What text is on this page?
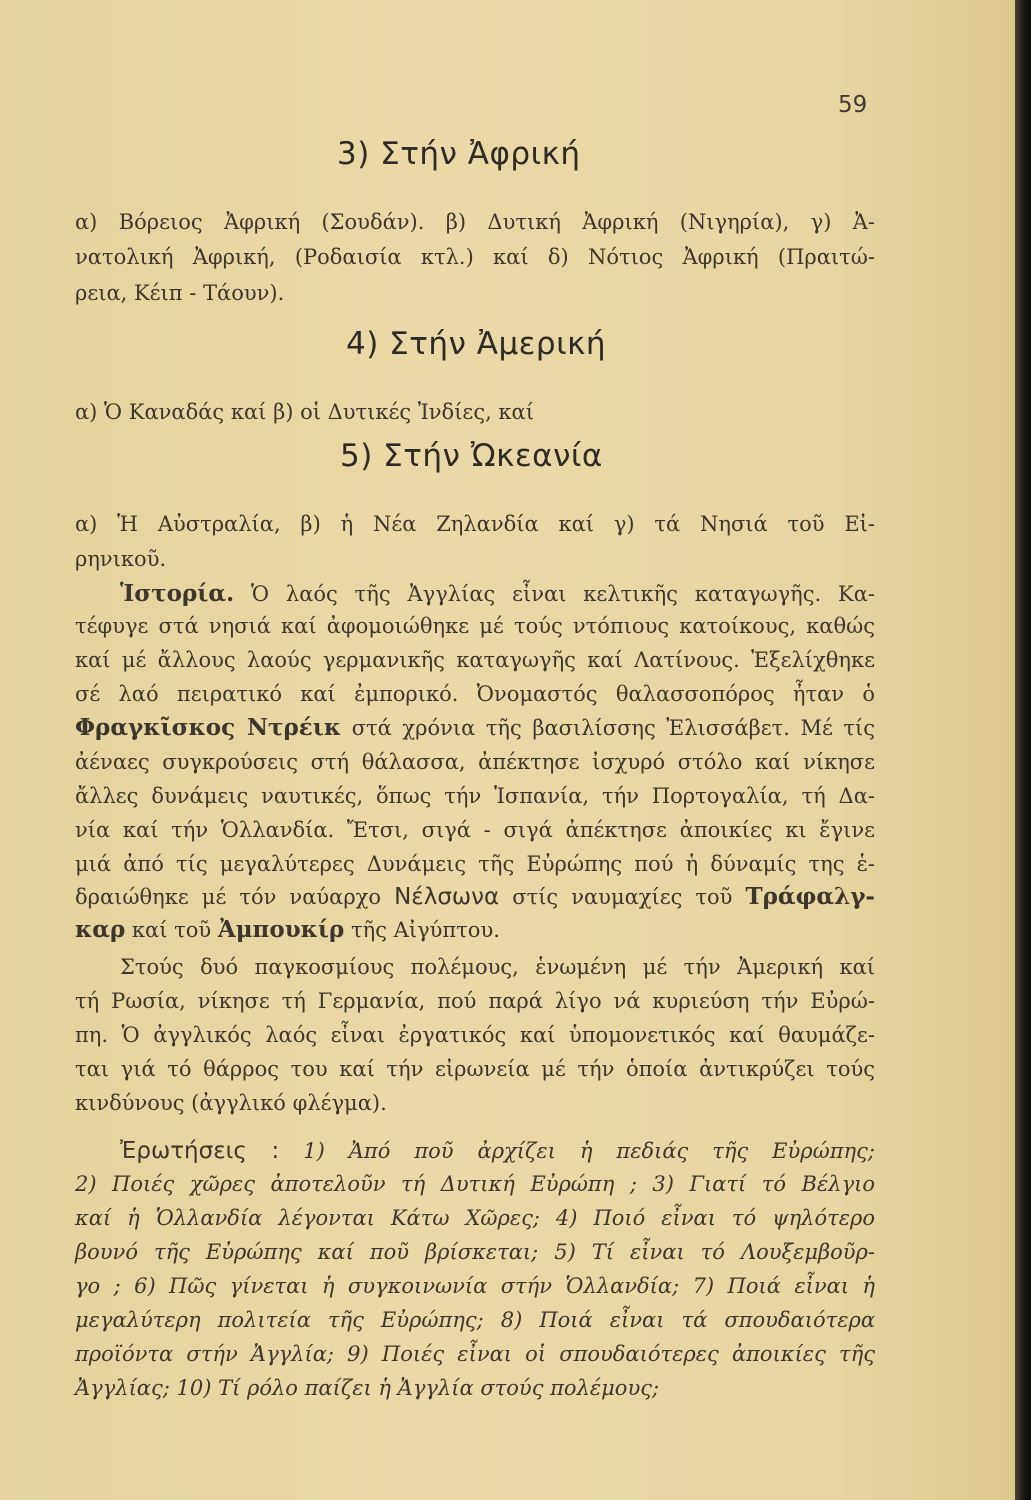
59
3) Στήν Ἀφρική
α) Βόρειος Ἀφρική (Σουδάν). β) Δυτική Ἀφρική (Νιγηρία), γ) Ἀ-
νατολική Ἀφρική, (Ροδαισία κτλ.) καί δ) Νότιος Ἀφρική (Πραιτώ-
ρεια, Κέιπ - Τάουν).
4) Στήν Ἀμερική
α) Ὁ Καναδάς καί β) οἱ Δυτικές Ἰνδίες, καί
5) Στήν Ὠκεανία
α) Ἡ Αὐστραλία, β) ἡ Νέα Ζηλανδία καί γ) τά Νησιά τοῦ Εἰ-
ρηνικοῦ.
Ἱστορία. Ὁ λαός τῆς Ἀγγλίας εἶναι κελτικῆς καταγωγῆς. Κα-
τέφυγε στά νησιά καί ἀφομοιώθηκε μέ τούς ντόπιους κατοίκους, καθώς
καί μέ ἄλλους λαούς γερμανικῆς καταγωγῆς καί Λατίνους. Ἐξελίχθηκε
σέ λαό πειρατικό καί ἐμπορικό. Ὀνομαστός θαλασσοπόρος ἦταν ὁ
Φραγκῖσκος Ντρέικ στά χρόνια τῆς βασιλίσσης Ἐλισσάβετ. Μέ τίς
ἀέναες συγκρούσεις στή θάλασσα, ἀπέκτησε ἰσχυρό στόλο καί νίκησε
ἄλλες δυνάμεις ναυτικές, ὅπως τήν Ἱσπανία, τήν Πορτογαλία, τή Δα-
νία καί τήν Ὁλλανδία. Ἔτσι, σιγά - σιγά ἀπέκτησε ἀποικίες κι ἔγινε
μιά ἀπό τίς μεγαλύτερες Δυνάμεις τῆς Εὐρώπης πού ἡ δύναμίς της ἑ-
δραιώθηκε μέ τόν ναύαρχο Νέλσωνα στίς ναυμαχίες τοῦ Τράφαλγ-
καρ καί τοῦ Ἀμπουκίρ τῆς Αἰγύπτου.
Στούς δυό παγκοσμίους πολέμους, ἑνωμένη μέ τήν Ἀμερική καί
τή Ρωσία, νίκησε τή Γερμανία, πού παρά λίγο νά κυριεύση τήν Εὐρώ-
πη. Ὁ ἀγγλικός λαός εἶναι ἐργατικός καί ὑπομονετικός καί θαυμάζε-
ται γιά τό θάρρος του καί τήν εἰρωνεία μέ τήν ὁποία ἀντικρύζει τούς
κινδύνους (ἀγγλικό φλέγμα).
Ἐρωτήσεις : 1) Ἀπό ποῦ ἀρχίζει ἡ πεδιάς τῆς Εὐρώπης;
2) Ποιές χῶρες ἀποτελοῦν τή Δυτική Εὐρώπη ; 3) Γιατί τό Βέλγιο
καί ἡ Ὁλλανδία λέγονται Κάτω Χῶρες; 4) Ποιό εἶναι τό ψηλότερο
βουνό τῆς Εὐρώπης καί ποῦ βρίσκεται; 5) Τί εἶναι τό Λουξεμβοῦρ-
γο ; 6) Πῶς γίνεται ἡ συγκοινωνία στήν Ὁλλανδία; 7) Ποιά εἶναι ἡ
μεγαλύτερη πολιτεία τῆς Εὐρώπης; 8) Ποιά εἶναι τά σπουδαιότερα
προϊόντα στήν Ἀγγλία; 9) Ποιές εἶναι οἱ σπουδαιότερες ἀποικίες τῆς
Ἀγγλίας; 10) Τί ρόλο παίζει ἡ Ἀγγλία στούς πολέμους;
